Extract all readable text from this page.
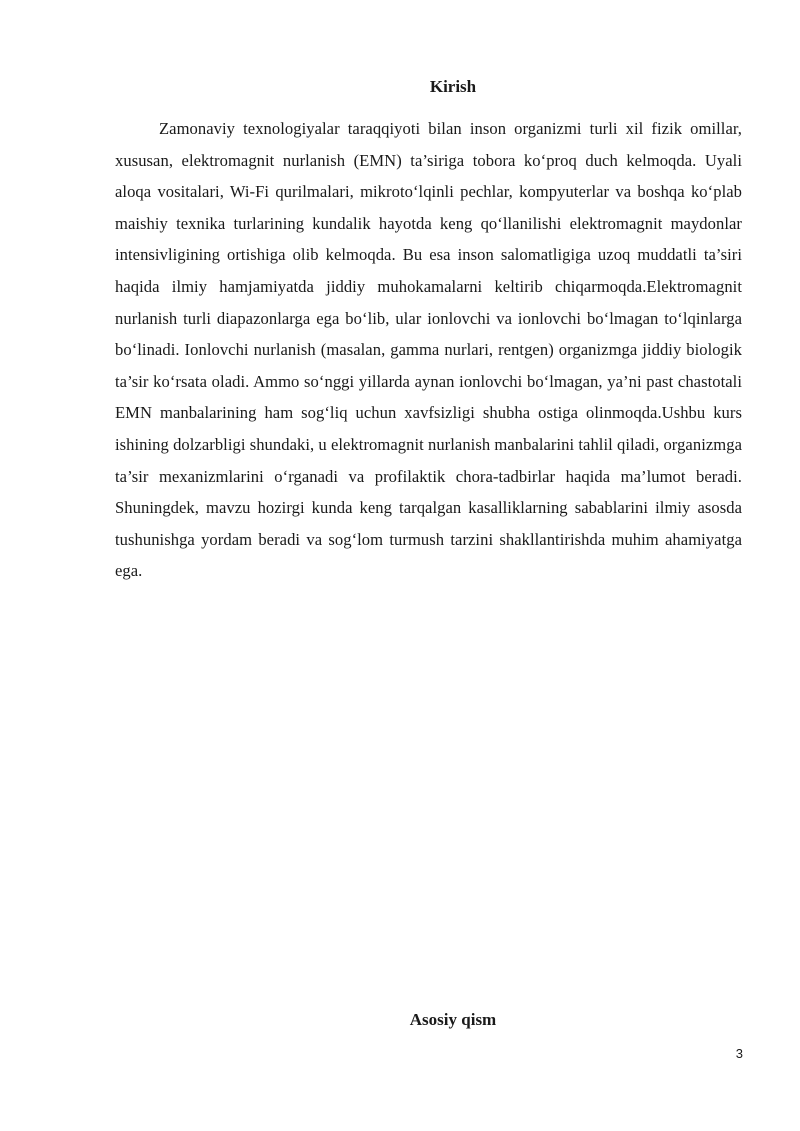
Kirish

Zamonaviy texnologiyalar taraqqiyoti bilan inson organizmi turli xil fizik omillar, xususan, elektromagnit nurlanish (EMN) ta’siriga tobora ko‘proq duch kelmoqda. Uyali aloqa vositalari, Wi-Fi qurilmalari, mikroto‘lqinli pechlar, kompyuterlar va boshqa ko‘plab maishiy texnika turlarining kundalik hayotda keng qo‘llanilishi elektromagnit maydonlar intensivligining ortishiga olib kelmoqda. Bu esa inson salomatligiga uzoq muddatli ta’siri haqida ilmiy hamjamiyatda jiddiy muhokamalarni keltirib chiqarmoqda.Elektromagnit nurlanish turli diapazonlarga ega bo‘lib, ular ionlovchi va ionlovchi bo‘lmagan to‘lqinlarga bo‘linadi. Ionlovchi nurlanish (masalan, gamma nurlari, rentgen) organizmga jiddiy biologik ta’sir ko‘rsata oladi. Ammo so‘nggi yillarda aynan ionlovchi bo‘lmagan, ya’ni past chastotali EMN manbalarining ham sog‘liq uchun xavfsizligi shubha ostiga olinmoqda.Ushbu kurs ishining dolzarbligi shundaki, u elektromagnit nurlanish manbalarini tahlil qiladi, organizmga ta’sir mexanizmlarini o‘rganadi va profilaktik chora-tadbirlar haqida ma’lumot beradi. Shuningdek, mavzu hozirgi kunda keng tarqalgan kasalliklarning sabablarini ilmiy asosda tushunishga yordam beradi va sog‘lom turmush tarzini shakllantirishda muhim ahamiyatga ega.

Asosiy qism

3
